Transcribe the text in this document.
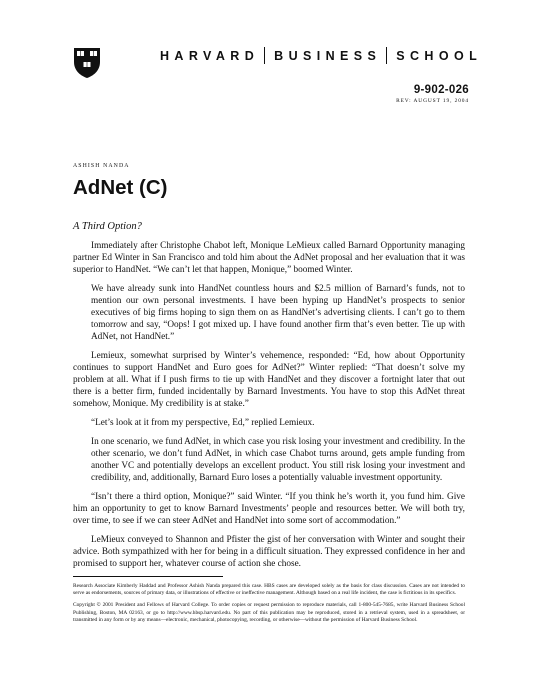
HARVARD BUSINESS SCHOOL
9-902-026
REV: AUGUST 19, 2004
ASHISH NANDA
AdNet (C)
A Third Option?

Immediately after Christophe Chabot left, Monique LeMieux called Barnard Opportunity managing partner Ed Winter in San Francisco and told him about the AdNet proposal and her evaluation that it was superior to HandNet. “We can’t let that happen, Monique,” boomed Winter.

We have already sunk into HandNet countless hours and $2.5 million of Barnard’s funds, not to mention our own personal investments. I have been hyping up HandNet’s prospects to senior executives of big firms hoping to sign them on as HandNet’s advertising clients. I can’t go to them tomorrow and say, “Oops! I got mixed up. I have found another firm that’s even better. Tie up with AdNet, not HandNet.”

Lemieux, somewhat surprised by Winter’s vehemence, responded: “Ed, how about Opportunity continues to support HandNet and Euro goes for AdNet?” Winter replied: “That doesn’t solve my problem at all. What if I push firms to tie up with HandNet and they discover a fortnight later that out there is a better firm, funded incidentally by Barnard Investments. You have to stop this AdNet threat somehow, Monique. My credibility is at stake.”

“Let’s look at it from my perspective, Ed,” replied Lemieux.

In one scenario, we fund AdNet, in which case you risk losing your investment and credibility. In the other scenario, we don’t fund AdNet, in which case Chabot turns around, gets ample funding from another VC and potentially develops an excellent product. You still risk losing your investment and credibility, and, additionally, Barnard Euro loses a potentially valuable investment opportunity.

“Isn’t there a third option, Monique?” said Winter. “If you think he’s worth it, you fund him. Give him an opportunity to get to know Barnard Investments’ people and resources better. We will both try, over time, to see if we can steer AdNet and HandNet into some sort of accommodation.”

LeMieux conveyed to Shannon and Pfister the gist of her conversation with Winter and sought their advice. Both sympathized with her for being in a difficult situation. They expressed confidence in her and promised to support her, whatever course of action she chose.

Research Associate Kimberly Haddad and Professor Ashish Nanda prepared this case. HBS cases are developed solely as the basis for class discussion. Cases are not intended to serve as endorsements, sources of primary data, or illustrations of effective or ineffective management. Although based on a real life incident, the case is fictitious in its specifics.

Copyright © 2001 President and Fellows of Harvard College. To order copies or request permission to reproduce materials, call 1-800-545-7685, write Harvard Business School Publishing, Boston, MA 02163, or go to http://www.hbsp.harvard.edu. No part of this publication may be reproduced, stored in a retrieval system, used in a spreadsheet, or transmitted in any form or by any means—electronic, mechanical, photocopying, recording, or otherwise—without the permission of Harvard Business School.
